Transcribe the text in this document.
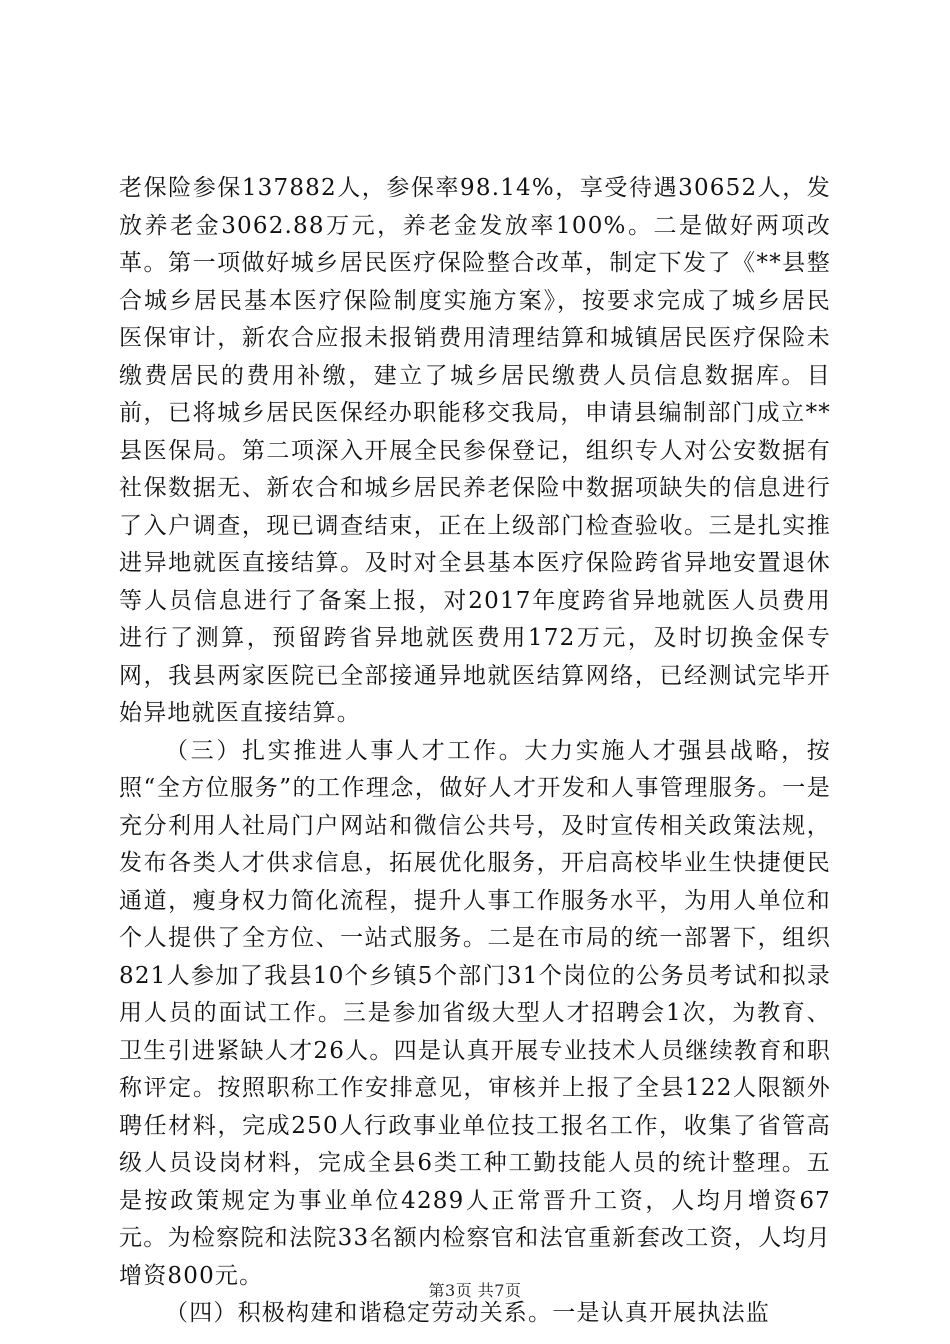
老保险参保137882人，参保率98.14%，享受待遇30652人，发放养老金3062.88万元，养老金发放率100%。二是做好两项改革。第一项做好城乡居民医疗保险整合改革，制定下发了《**县整合城乡居民基本医疗保险制度实施方案》，按要求完成了城乡居民医保审计，新农合应报未报销费用清理结算和城镇居民医疗保险未缴费居民的费用补缴，建立了城乡居民缴费人员信息数据库。目前，已将城乡居民医保经办职能移交我局，申请县编制部门成立**县医保局。第二项深入开展全民参保登记，组织专人对公安数据有社保数据无、新农合和城乡居民养老保险中数据项缺失的信息进行了入户调查，现已调查结束，正在上级部门检查验收。三是扎实推进异地就医直接结算。及时对全县基本医疗保险跨省异地安置退休等人员信息进行了备案上报，对2017年度跨省异地就医人员费用进行了测算，预留跨省异地就医费用172万元，及时切换金保专网，我县两家医院已全部接通异地就医结算网络，已经测试完毕开始异地就医直接结算。

（三）扎实推进人事人才工作。大力实施人才强县战略，按照“全方位服务”的工作理念，做好人才开发和人事管理服务。一是充分利用人社局门户网站和微信公共号，及时宣传相关政策法规，发布各类人才供求信息，拓展优化服务，开启高校毕业生快捷便民通道，瘦身权力简化流程，提升人事工作服务水平，为用人单位和个人提供了全方位、一站式服务。二是在市局的统一部署下，组织821人参加了我县10个乡镇5个部门31个岗位的公务员考试和拟录用人员的面试工作。三是参加省级大型人才招聘会1次，为教育、卫生引进紧缺人才26人。四是认真开展专业技术人员继续教育和职称评定。按照职称工作安排意见，审核并上报了全县122人限额外聘任材料，完成250人行政事业单位技工报名工作，收集了省管高级人员设岗材料，完成全县6类工种工勤技能人员的统计整理。五是按政策规定为事业单位4289人正常晋升工资，人均月增资67元。为检察院和法院33名额内检察官和法官重新套改工资，人均月增资800元。

（四）积极构建和谐稳定劳动关系。一是认真开展执法监

第3页 共7页
